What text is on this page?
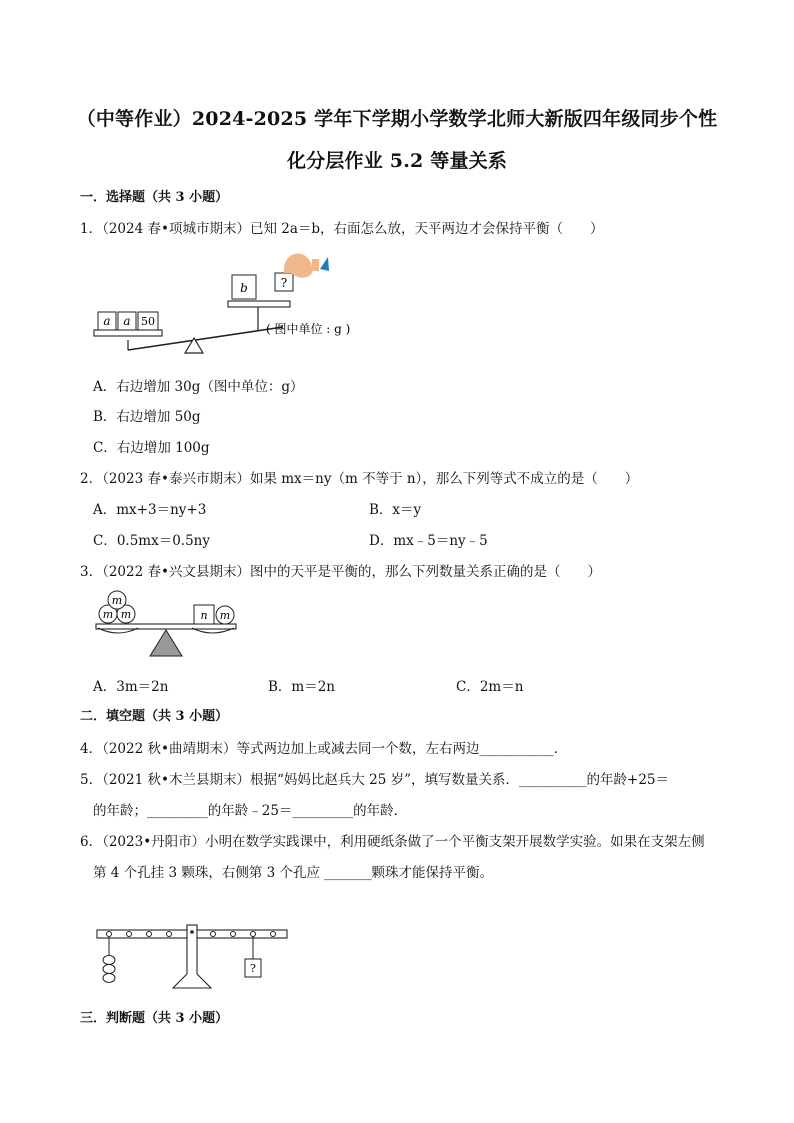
（中等作业）2024-2025 学年下学期小学数学北师大新版四年级同步个性
化分层作业 5.2 等量关系
一．选择题（共 3 小题）
1．（2024 春•项城市期末）已知 2a＝b，右面怎么放，天平两边才会保持平衡（　　）
a a 50
b	?
( 图中单位 : g )
A．右边增加 30g（图中单位：g）
B．右边增加 50g
C．右边增加 100g
2．（2023 春•泰兴市期末）如果 mx＝ny（m 不等于 n），那么下列等式不成立的是（　　）
A．mx+3＝ny+3	B．x＝y
C．0.5mx＝0.5ny	D．mx﹣5＝ny﹣5
3．（2022 春•兴文县期末）图中的天平是平衡的，那么下列数量关系正确的是（　　）
m m
m
n m
A．3m＝2n	B．m＝2n	C．2m＝n
二．填空题（共 3 小题）
4．（2022 秋•曲靖期末）等式两边加上或减去同一个数，左右两边___________．
5．（2021 秋•木兰县期末）根据“妈妈比赵兵大 25 岁”，填写数量关系．__________的年龄+25＝
的年龄；_________的年龄﹣25＝_________的年龄．
6．（2023•丹阳市）小明在数学实践课中，利用硬纸条做了一个平衡支架开展数学实验。如果在支架左侧
第 4 个孔挂 3 颗珠，右侧第 3 个孔应 _______颗珠才能保持平衡。
?
三．判断题（共 3 小题）
